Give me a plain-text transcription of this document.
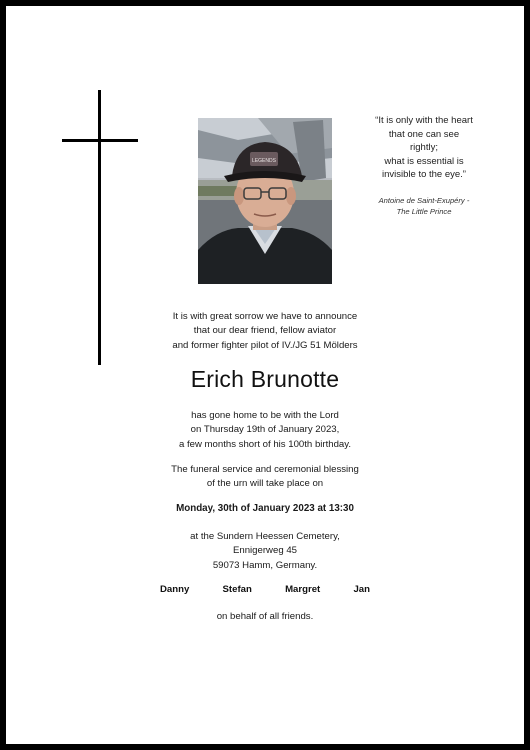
LEGENDS
“It is only with the heart
that one can see
rightly;
what is essential is
invisible to the eye.”
Antoine de Saint-Exupéry -
The Little Prince
It is with great sorrow we have to announce
that our dear friend, fellow aviator
and former fighter pilot of IV./JG 51 Mölders
Erich Brunotte
has gone home to be with the Lord
on Thursday 19th of January 2023,
a few months short of his 100th birthday.
The funeral service and ceremonial blessing
of the urn will take place on
Monday, 30th of January 2023 at 13:30
at the Sundern Heessen Cemetery,
Ennigerweg 45
59073 Hamm, Germany.
Danny	Stefan	Margret	Jan
on behalf of all friends.
